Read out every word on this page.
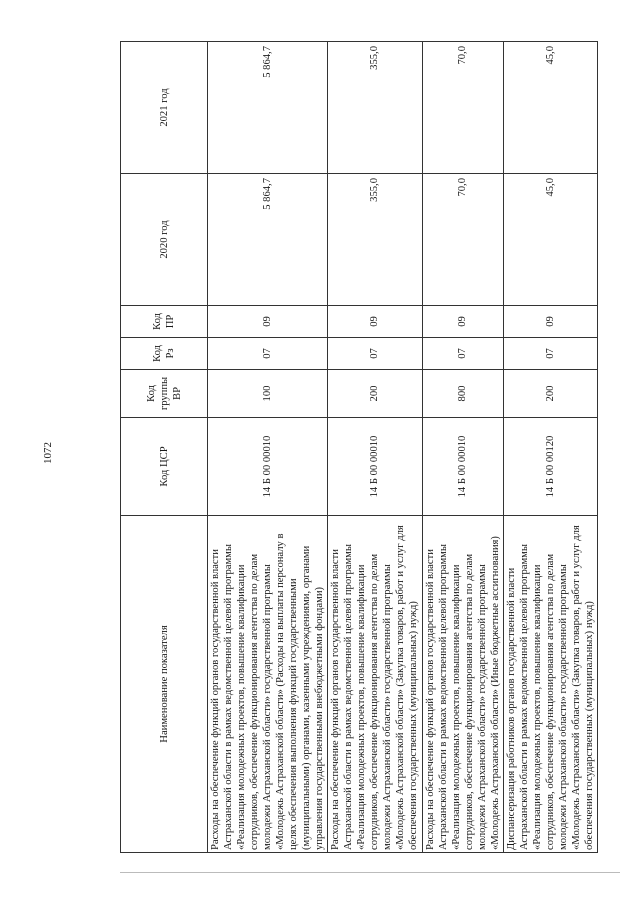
1072
Наименование показателя	Код ЦСР	Код группы ВР	Код Рз	Код ПР	2020 год	2021 год
Расходы на обеспечение функций органов государственной власти Астраханской области в рамках ведомственной целевой программы «Реализация молодежных проектов, повышение квалификации сотрудников, обеспечение функционирования агентства по делам молодежи Астраханской области» государственной программы «Молодежь Астраханской области» (Расходы на выплаты персоналу в целях обеспечения выполнения функций государственными (муниципальными) органами, казенными учреждениями, органами управления государственными внебюджетными фондами)	14 Б 00 00010	100	07	09	5 864,7	5 864,7
Расходы на обеспечение функций органов государственной власти Астраханской области в рамках ведомственной целевой программы «Реализация молодежных проектов, повышение квалификации сотрудников, обеспечение функционирования агентства по делам молодежи Астраханской области» государственной программы «Молодежь Астраханской области» (Закупка товаров, работ и услуг для обеспечения государственных (муниципальных) нужд)	14 Б 00 00010	200	07	09	355,0	355,0
Расходы на обеспечение функций органов государственной власти Астраханской области в рамках ведомственной целевой программы «Реализация молодежных проектов, повышение квалификации сотрудников, обеспечение функционирования агентства по делам молодежи Астраханской области» государственной программы «Молодежь Астраханской области» (Иные бюджетные ассигнования)	14 Б 00 00010	800	07	09	70,0	70,0
Диспансеризация работников органов государственной власти Астраханской области в рамках ведомственной целевой программы «Реализация молодежных проектов, повышение квалификации сотрудников, обеспечение функционирования агентства по делам молодежи Астраханской области» государственной программы «Молодежь Астраханской области» (Закупка товаров, работ и услуг для обеспечения государственных (муниципальных) нужд)	14 Б 00 00120	200	07	09	45,0	45,0
